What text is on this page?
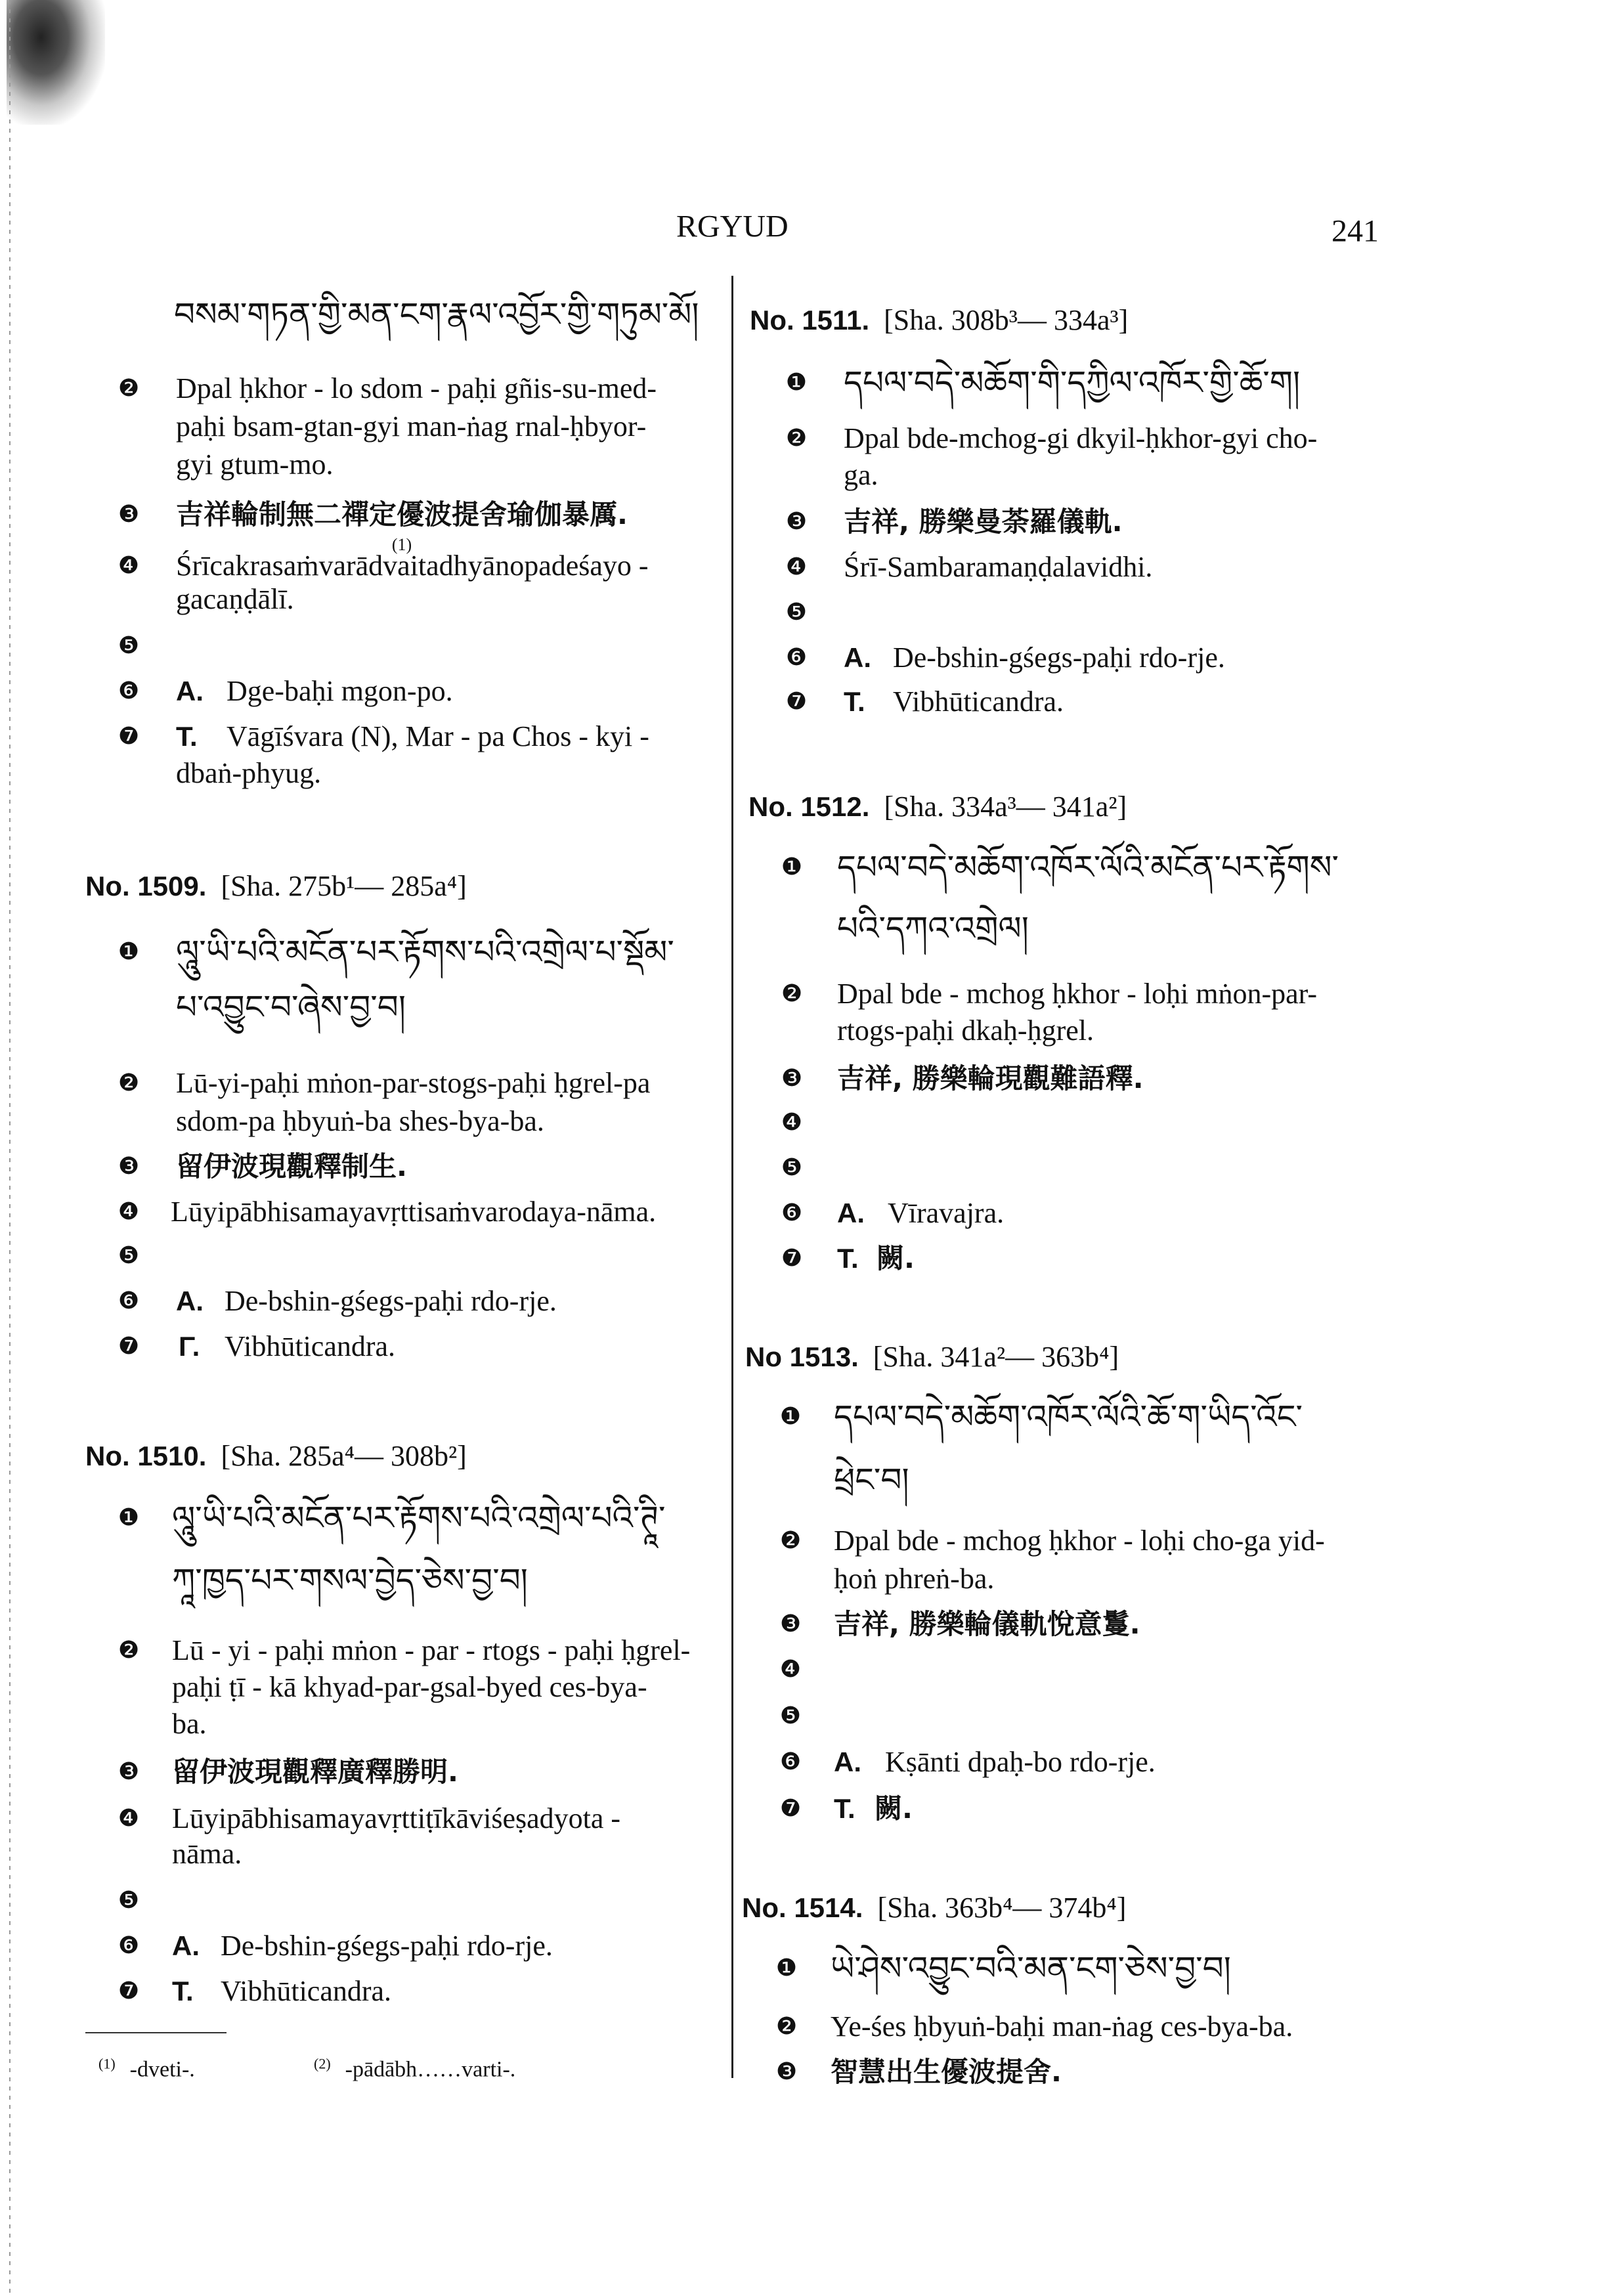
RGYUD	241
བསམ་གཏན་གྱི་མན་ངག་རྣལ་འབྱོར་གྱི་གཏུམ་མོ།
❷ Dpal ḥkhor - lo sdom - paḥi gñis-su-med-
paḥi bsam-gtan-gyi man-ṅag rnal-ḥbyor-
gyi gtum-mo.
❸ 吉祥輪制無二禪定優波提舍瑜伽暴厲.
(1)
❹ Śrīcakrasaṁvarādvaitadhyānopadeśayo -
gacaṇḍālī.
❺
❻ A. Dge-baḥi mgon-po.
❼ T. Vāgīśvara (N), Mar - pa Chos - kyi -
dbaṅ-phyug.
No. 1509. [Sha. 275b¹— 285a⁴]
❶ ལཱུ་ཡི་པའི་མངོན་པར་རྟོགས་པའི་འགྲེལ་པ་སྡོམ་
པ་འབྱུང་བ་ཞེས་བྱ་བ།
❷ Lū-yi-paḥi mṅon-par-stogs-paḥi ḥgrel-pa
sdom-pa ḥbyuṅ-ba shes-bya-ba.
❸ 留伊波現觀釋制生.
❹ Lūyipābhisamayavṛttisaṁvarodaya-nāma.
❺
❻ A. De-bshin-gśegs-paḥi rdo-rje.
❼ Γ. Vibhūticandra.
No. 1510. [Sha. 285a⁴— 308b²]
❶ ལཱུ་ཡི་པའི་མངོན་པར་རྟོགས་པའི་འགྲེལ་པའི་ཊཱི་
ཀཱ་ཁྱད་པར་གསལ་བྱེད་ཅེས་བྱ་བ།
❷ Lū - yi - paḥi mṅon - par - rtogs - paḥi ḥgrel-
paḥi ṭī - kā khyad-par-gsal-byed ces-bya-
ba.
❸ 留伊波現觀釋廣釋勝明.
❹ Lūyipābhisamayavṛttiṭīkāviśeṣadyota -
nāma.
❺
❻ A. De-bshin-gśegs-paḥi rdo-rje.
❼ T. Vibhūticandra.
$^{(1)}$ -dveti-.	$^{(2)}$ -pādābh……varti-.
No. 1511. [Sha. 308b³— 334a³]
❶ དཔལ་བདེ་མཆོག་གི་དཀྱིལ་འཁོར་གྱི་ཆོ་ག།
❷ Dpal bde-mchog-gi dkyil-ḥkhor-gyi cho-
ga.
❸ 吉祥, 勝樂曼荼羅儀軌.
❹ Śrī-Sambaramaṇḍalavidhi.
❺
❻ A. De-bshin-gśegs-paḥi rdo-rje.
❼ T. Vibhūticandra.
No. 1512. [Sha. 334a³— 341a²]
❶ དཔལ་བདེ་མཆོག་འཁོར་ལོའི་མངོན་པར་རྟོགས་
པའི་དཀའ་འགྲེལ།
❷ Dpal bde - mchog ḥkhor - loḥi mṅon-par-
rtogs-paḥi dkaḥ-ḥgrel.
❸ 吉祥, 勝樂輪現觀難語釋.
❹
❺
❻ A. Vīravajra.
❼ T. 闕.
No 1513. [Sha. 341a²— 363b⁴]
❶ དཔལ་བདེ་མཆོག་འཁོར་ལོའི་ཆོ་ག་ཡིད་འོང་
ཕྲེང་བ།
❷ Dpal bde - mchog ḥkhor - loḥi cho-ga yid-
ḥoṅ phreṅ-ba.
❸ 吉祥, 勝樂輪儀軌悅意鬘.
❹
❺
❻ A. Kṣānti dpaḥ-bo rdo-rje.
❼ T. 闕.
No. 1514. [Sha. 363b⁴— 374b⁴]
❶ ཡེ་ཤེས་འབྱུང་བའི་མན་ངག་ཅེས་བྱ་བ།
❷ Ye-śes ḥbyuṅ-baḥi man-ṅag ces-bya-ba.
❸ 智慧出生優波提舍.
